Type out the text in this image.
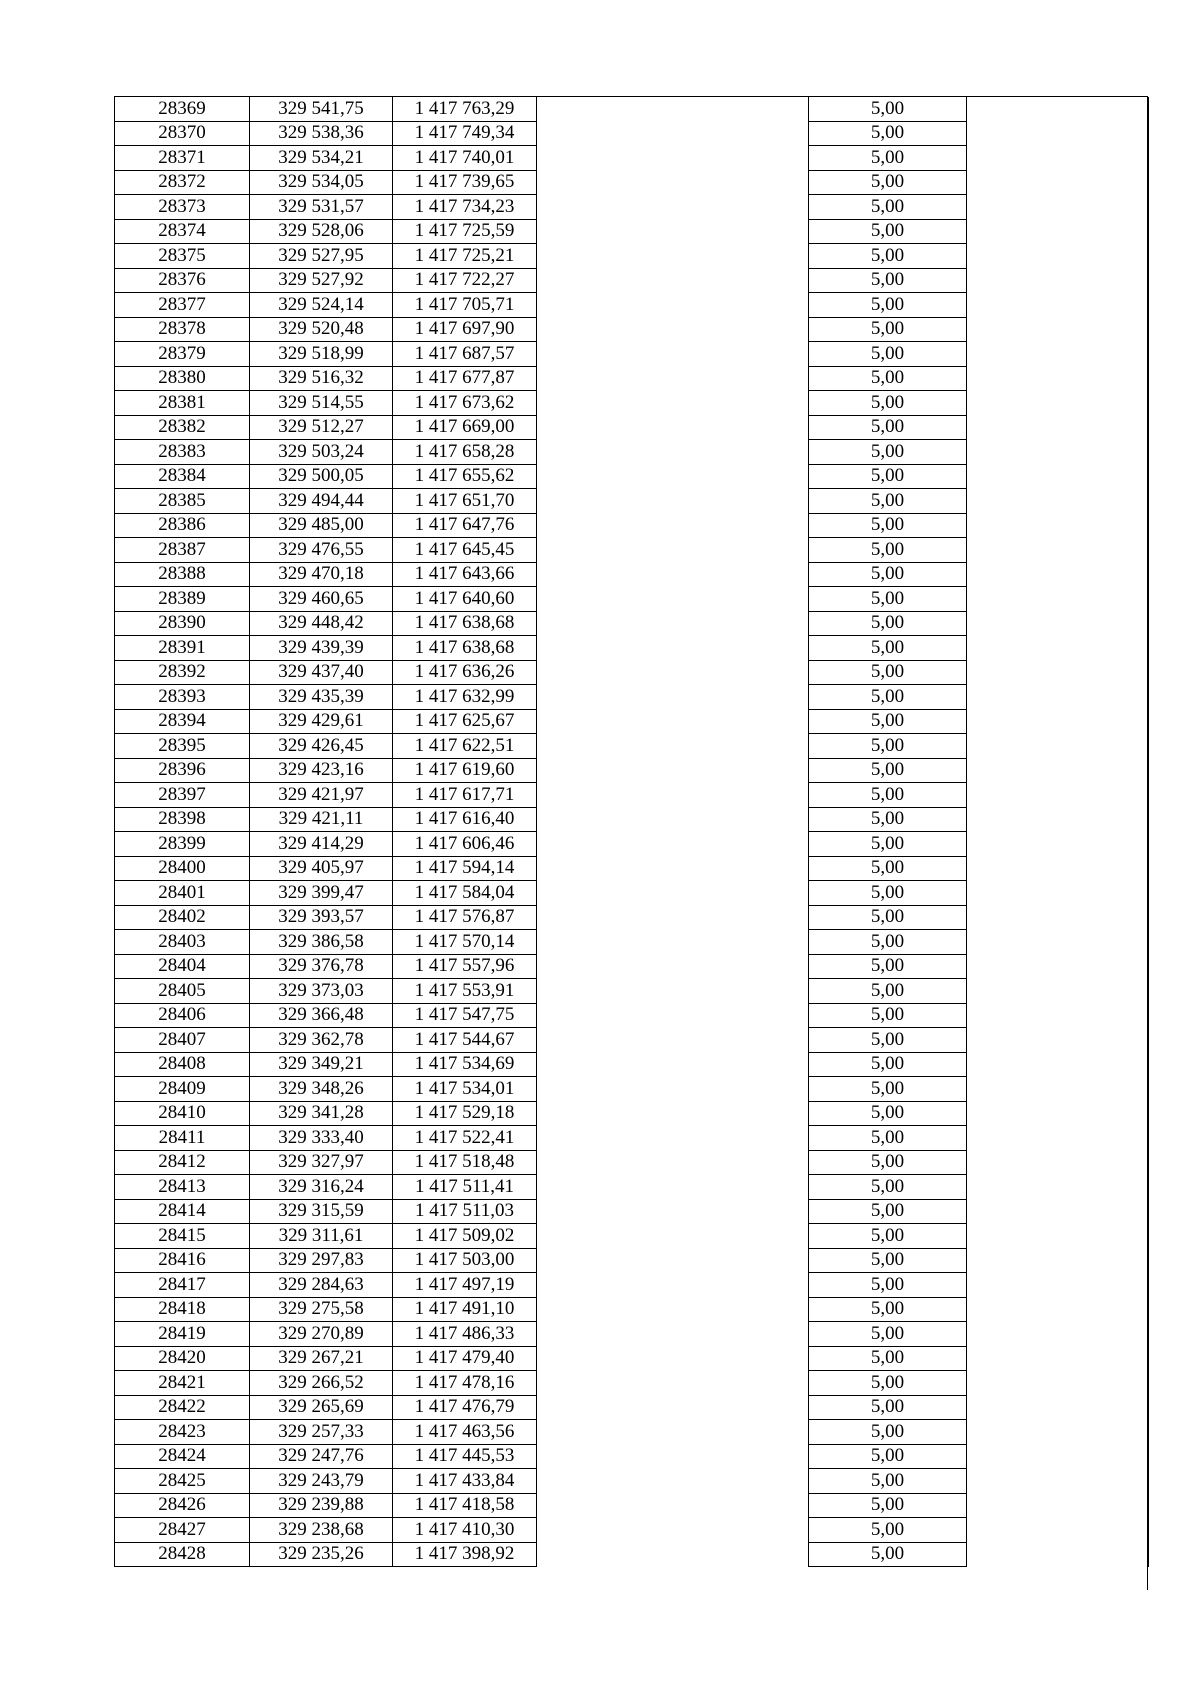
28369	329 541,75	1 417 763,29		5,00	
28370	329 538,36	1 417 749,34		5,00	
28371	329 534,21	1 417 740,01		5,00	
28372	329 534,05	1 417 739,65		5,00	
28373	329 531,57	1 417 734,23		5,00	
28374	329 528,06	1 417 725,59		5,00	
28375	329 527,95	1 417 725,21		5,00	
28376	329 527,92	1 417 722,27		5,00	
28377	329 524,14	1 417 705,71		5,00	
28378	329 520,48	1 417 697,90		5,00	
28379	329 518,99	1 417 687,57		5,00	
28380	329 516,32	1 417 677,87		5,00	
28381	329 514,55	1 417 673,62		5,00	
28382	329 512,27	1 417 669,00		5,00	
28383	329 503,24	1 417 658,28		5,00	
28384	329 500,05	1 417 655,62		5,00	
28385	329 494,44	1 417 651,70		5,00	
28386	329 485,00	1 417 647,76		5,00	
28387	329 476,55	1 417 645,45		5,00	
28388	329 470,18	1 417 643,66		5,00	
28389	329 460,65	1 417 640,60		5,00	
28390	329 448,42	1 417 638,68		5,00	
28391	329 439,39	1 417 638,68		5,00	
28392	329 437,40	1 417 636,26		5,00	
28393	329 435,39	1 417 632,99		5,00	
28394	329 429,61	1 417 625,67		5,00	
28395	329 426,45	1 417 622,51		5,00	
28396	329 423,16	1 417 619,60		5,00	
28397	329 421,97	1 417 617,71		5,00	
28398	329 421,11	1 417 616,40		5,00	
28399	329 414,29	1 417 606,46		5,00	
28400	329 405,97	1 417 594,14		5,00	
28401	329 399,47	1 417 584,04		5,00	
28402	329 393,57	1 417 576,87		5,00	
28403	329 386,58	1 417 570,14		5,00	
28404	329 376,78	1 417 557,96		5,00	
28405	329 373,03	1 417 553,91		5,00	
28406	329 366,48	1 417 547,75		5,00	
28407	329 362,78	1 417 544,67		5,00	
28408	329 349,21	1 417 534,69		5,00	
28409	329 348,26	1 417 534,01		5,00	
28410	329 341,28	1 417 529,18		5,00	
28411	329 333,40	1 417 522,41		5,00	
28412	329 327,97	1 417 518,48		5,00	
28413	329 316,24	1 417 511,41		5,00	
28414	329 315,59	1 417 511,03		5,00	
28415	329 311,61	1 417 509,02		5,00	
28416	329 297,83	1 417 503,00		5,00	
28417	329 284,63	1 417 497,19		5,00	
28418	329 275,58	1 417 491,10		5,00	
28419	329 270,89	1 417 486,33		5,00	
28420	329 267,21	1 417 479,40		5,00	
28421	329 266,52	1 417 478,16		5,00	
28422	329 265,69	1 417 476,79		5,00	
28423	329 257,33	1 417 463,56		5,00	
28424	329 247,76	1 417 445,53		5,00	
28425	329 243,79	1 417 433,84		5,00	
28426	329 239,88	1 417 418,58		5,00	
28427	329 238,68	1 417 410,30		5,00	
28428	329 235,26	1 417 398,92		5,00	
